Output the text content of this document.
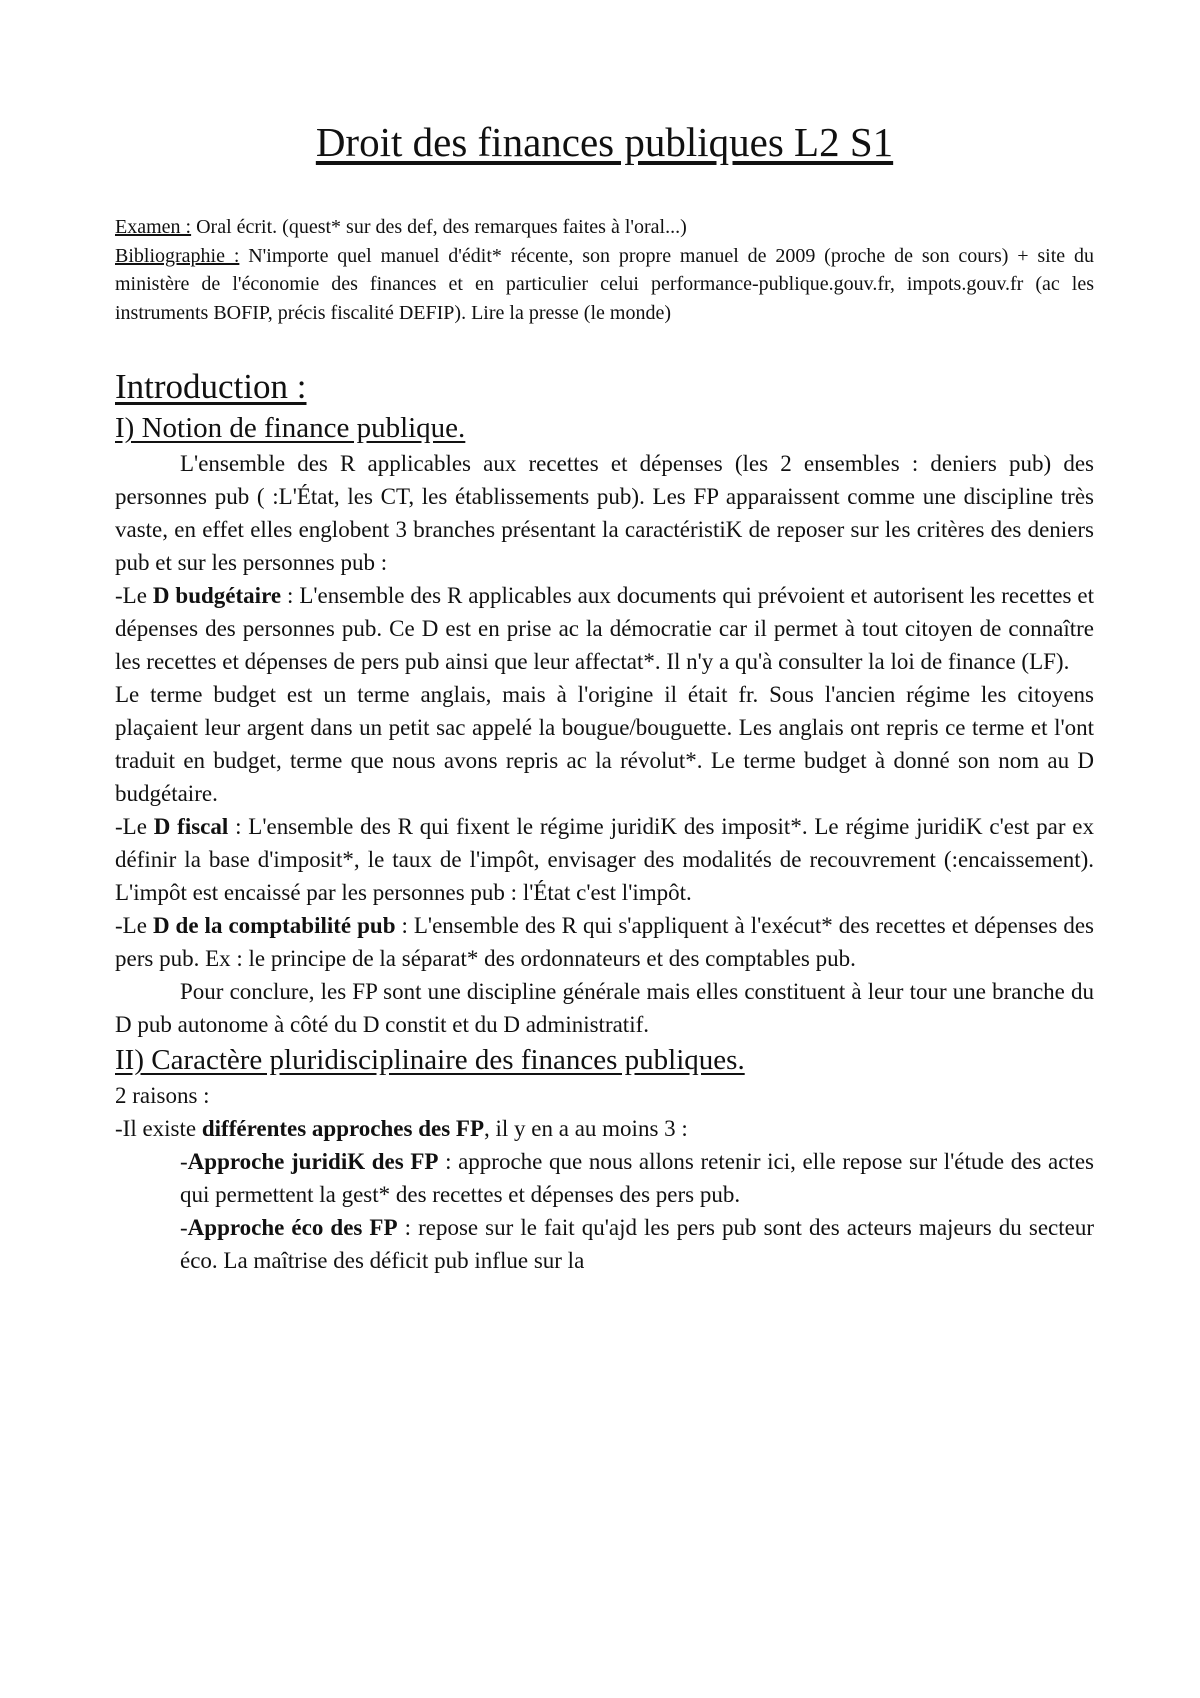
Droit des finances publiques L2 S1
Examen : Oral écrit. (quest* sur des def, des remarques faites à l'oral...)
Bibliographie : N'importe quel manuel d'édit* récente, son propre manuel de 2009 (proche de son cours) + site du ministère de l'économie des finances et en particulier celui performance-publique.gouv.fr, impots.gouv.fr (ac les instruments BOFIP, précis fiscalité DEFIP). Lire la presse (le monde)
Introduction :
I) Notion de finance publique.

L'ensemble des R applicables aux recettes et dépenses (les 2 ensembles : deniers pub) des personnes pub ( :L'État, les CT, les établissements pub). Les FP apparaissent comme une discipline très vaste, en effet elles englobent 3 branches présentant la caractéristiK de reposer sur les critères des deniers pub et sur les personnes pub :

-Le D budgétaire : L'ensemble des R applicables aux documents qui prévoient et autorisent les recettes et dépenses des personnes pub. Ce D est en prise ac la démocratie car il permet à tout citoyen de connaître les recettes et dépenses de pers pub ainsi que leur affectat*. Il n'y a qu'à consulter la loi de finance (LF).

Le terme budget est un terme anglais, mais à l'origine il était fr. Sous l'ancien régime les citoyens plaçaient leur argent dans un petit sac appelé la bougue/bouguette. Les anglais ont repris ce terme et l'ont traduit en budget, terme que nous avons repris ac la révolut*. Le terme budget à donné son nom au D budgétaire.

-Le D fiscal : L'ensemble des R qui fixent le régime juridiK des imposit*. Le régime juridiK c'est par ex définir la base d'imposit*, le taux de l'impôt, envisager des modalités de recouvrement (:encaissement). L'impôt est encaissé par les personnes pub : l'État c'est l'impôt.

-Le D de la comptabilité pub : L'ensemble des R qui s'appliquent à l'exécut* des recettes et dépenses des pers pub. Ex : le principe de la séparat* des ordonnateurs et des comptables pub.

Pour conclure, les FP sont une discipline générale mais elles constituent à leur tour une branche du D pub autonome à côté du D constit et du D administratif.

II) Caractère pluridisciplinaire des finances publiques.

2 raisons :

-Il existe différentes approches des FP, il y en a au moins 3 :

-Approche juridiK des FP : approche que nous allons retenir ici, elle repose sur l'étude des actes qui permettent la gest* des recettes et dépenses des pers pub.

-Approche éco des FP : repose sur le fait qu'ajd les pers pub sont des acteurs majeurs du secteur éco. La maîtrise des déficit pub influe sur la
